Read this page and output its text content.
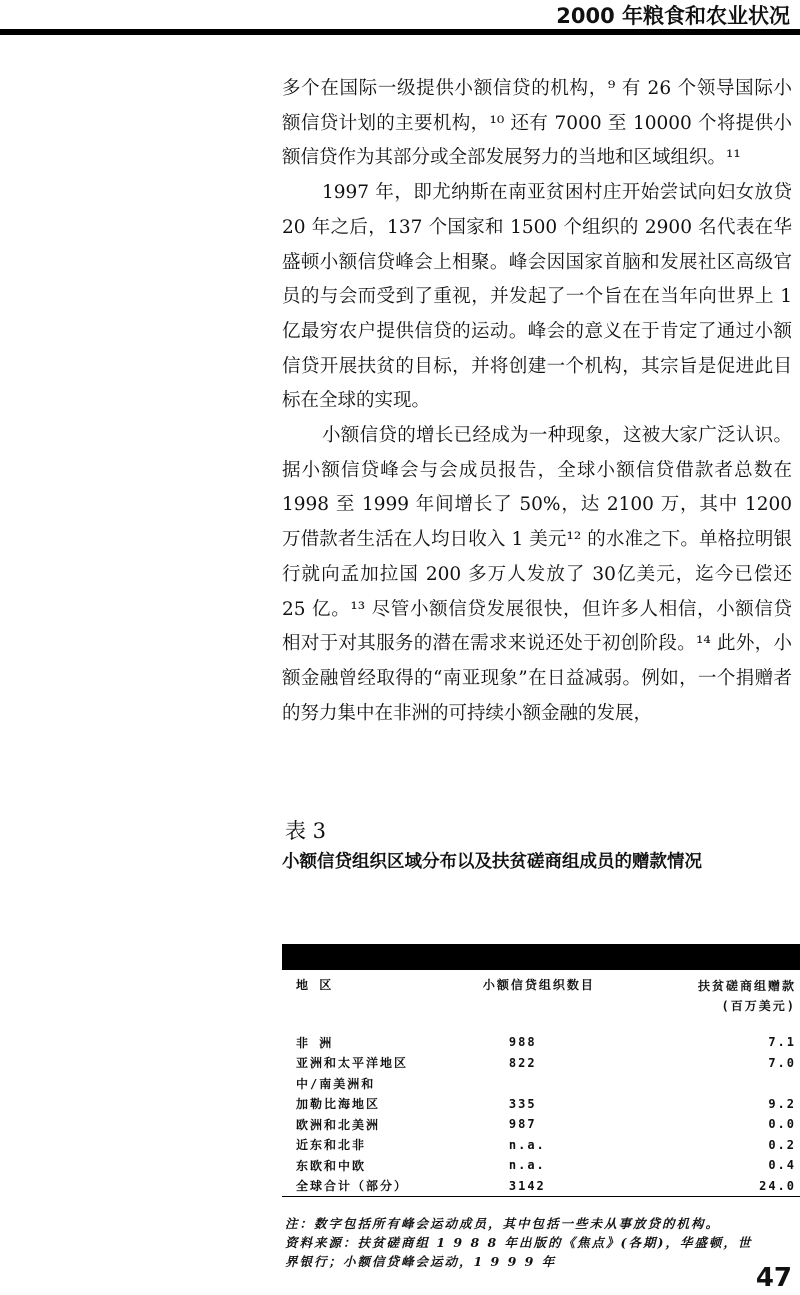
2000 年粮食和农业状况

多个在国际一级提供小额信贷的机构，⁹ 有 26 个领导国际小额信贷计划的主要机构，¹⁰ 还有 7000 至 10000 个将提供小额信贷作为其部分或全部发展努力的当地和区域组织。¹¹

1997 年，即尤纳斯在南亚贫困村庄开始尝试向妇女放贷 20 年之后，137 个国家和 1500 个组织的 2900 名代表在华盛顿小额信贷峰会上相聚。峰会因国家首脑和发展社区高级官员的与会而受到了重视，并发起了一个旨在在当年向世界上 1 亿最穷农户提供信贷的运动。峰会的意义在于肯定了通过小额信贷开展扶贫的目标，并将创建一个机构，其宗旨是促进此目标在全球的实现。

小额信贷的增长已经成为一种现象，这被大家广泛认识。据小额信贷峰会与会成员报告，全球小额信贷借款者总数在 1998 至 1999 年间增长了 50%，达 2100 万，其中 1200 万借款者生活在人均日收入 1 美元¹² 的水准之下。单格拉明银行就向孟加拉国 200 多万人发放了 30亿美元，迄今已偿还 25 亿。¹³ 尽管小额信贷发展很快，但许多人相信，小额信贷相对于对其服务的潜在需求来说还处于初创阶段。¹⁴ 此外，小额金融曾经取得的“南亚现象”在日益减弱。例如，一个捐赠者的努力集中在非洲的可持续小额金融的发展，

表 3
小额信贷组织区域分布以及扶贫磋商组成员的赠款情况
地 区	小额信贷组织数目	扶贫磋商组赠款
(百万美元)

非 洲	988	7.1
亚洲和太平洋地区	822	7.0
中/南美洲和		
加勒比海地区	335	9.2
欧洲和北美洲	987	0.0
近东和北非	n.a.	0.2
东欧和中欧	n.a.	0.4
全球合计（部分）	3142	24.0

注：数字包括所有峰会运动成员，其中包括一些未从事放贷的机构。

资料来源：扶贫磋商组 1 9 8 8 年出版的《焦点》(各期)，华盛顿，世

界银行；小额信贷峰会运动，1 9 9 9 年

47
